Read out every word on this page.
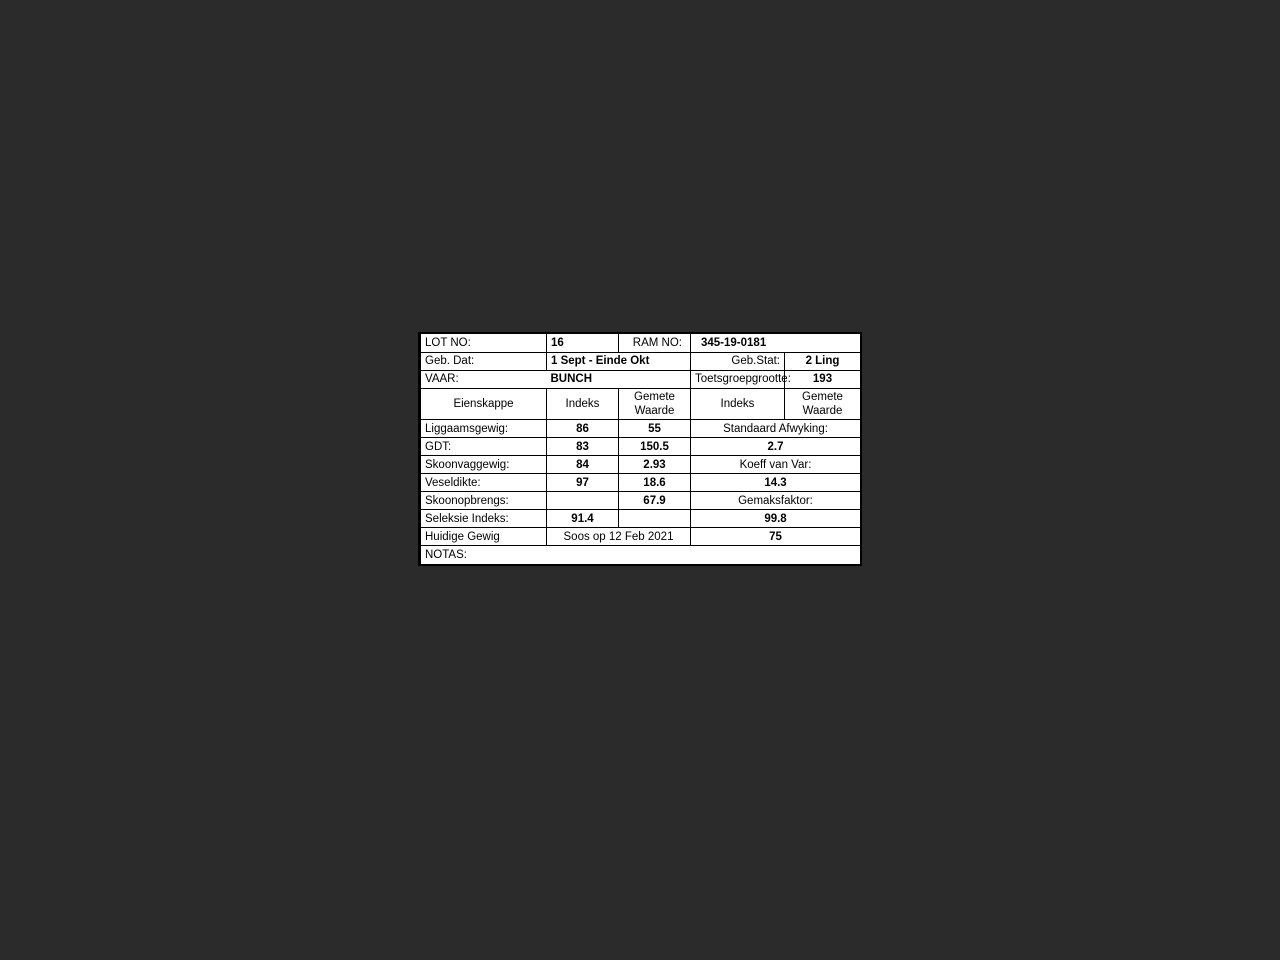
LOT NO:	16	RAM NO:	345-19-0181	
Geb. Dat:	1 Sept - Einde Okt		Geb.Stat:	2 Ling
VAAR:	BUNCH		Toetsgroepgrootte:	193
Eienskappe	Indeks	Gemete Waarde	Indeks	Gemete Waarde
Liggaamsgewig:	86	55	Standaard Afwyking:	
GDT:	83	150.5	2.7	
Skoonvaggewig:	84	2.93	Koeff van Var:	
Veseldikte:	97	18.6	14.3	
Skoonopbrengs:		67.9	Gemaksfaktor:	
Seleksie Indeks:	91.4		99.8	
Huidige Gewig	Soos op 12 Feb 2021		75	
NOTAS:				
